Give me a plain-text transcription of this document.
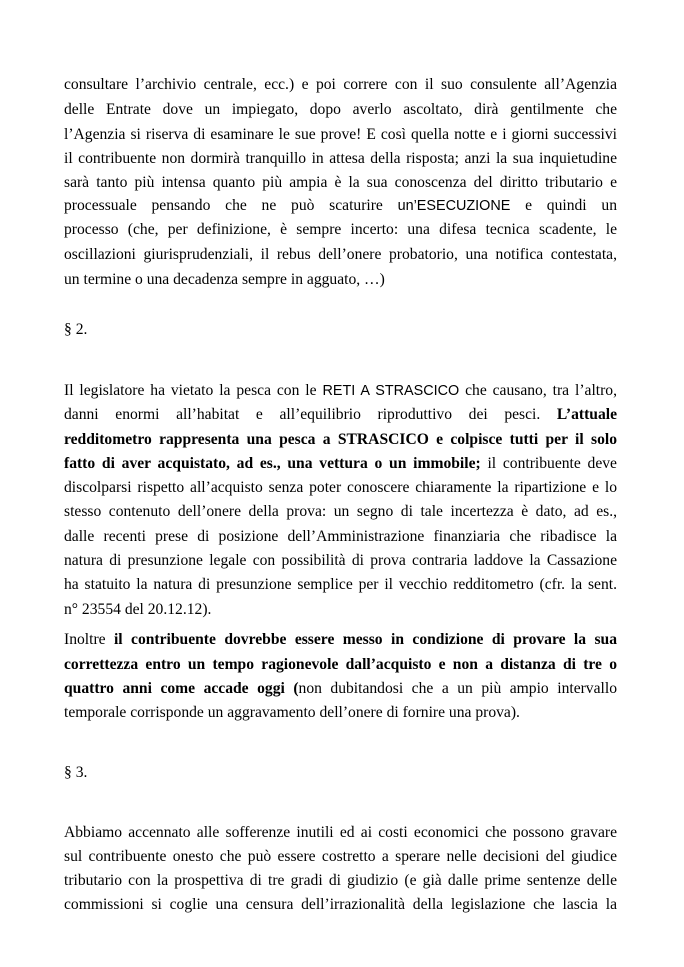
consultare l’archivio centrale, ecc.) e poi correre con il suo consulente all’Agenzia
delle Entrate dove un impiegato, dopo averlo ascoltato, dirà gentilmente che
l’Agenzia si riserva di esaminare le sue prove! E così quella notte e i giorni successivi
il contribuente non dormirà tranquillo in attesa della risposta; anzi la sua inquietudine
sarà tanto più intensa quanto più ampia è la sua conoscenza del diritto tributario e
processuale pensando che ne può scaturire un’ESECUZIONE e quindi un
processo (che, per definizione, è sempre incerto: una difesa tecnica scadente, le
oscillazioni giurisprudenziali, il rebus dell’onere probatorio, una notifica contestata,
un termine o una decadenza sempre in agguato, …)
§ 2.
Il legislatore ha vietato la pesca con le RETI A STRASCICO che causano, tra l’altro,
danni enormi all’habitat e all’equilibrio riproduttivo dei pesci. L’attuale
redditometro rappresenta una pesca a STRASCICO e colpisce tutti per il solo
fatto di aver acquistato, ad es., una vettura o un immobile; il contribuente deve
discolparsi rispetto all’acquisto senza poter conoscere chiaramente la ripartizione e lo
stesso contenuto dell’onere della prova: un segno di tale incertezza è dato, ad es.,
dalle recenti prese di posizione dell’Amministrazione finanziaria che ribadisce la
natura di presunzione legale con possibilità di prova contraria laddove la Cassazione
ha statuito la natura di presunzione semplice per il vecchio redditometro (cfr. la sent.
n° 23554 del 20.12.12).
Inoltre il contribuente dovrebbe essere messo in condizione di provare la sua
correttezza entro un tempo ragionevole dall’acquisto e non a distanza di tre o
quattro anni come accade oggi (non dubitandosi che a un più ampio intervallo
temporale corrisponde un aggravamento dell’onere di fornire una prova).
§ 3.
Abbiamo accennato alle sofferenze inutili ed ai costi economici che possono gravare
sul contribuente onesto che può essere costretto a sperare nelle decisioni del giudice
tributario con la prospettiva di tre gradi di giudizio (e già dalle prime sentenze delle
commissioni si coglie una censura dell’irrazionalità della legislazione che lascia la
